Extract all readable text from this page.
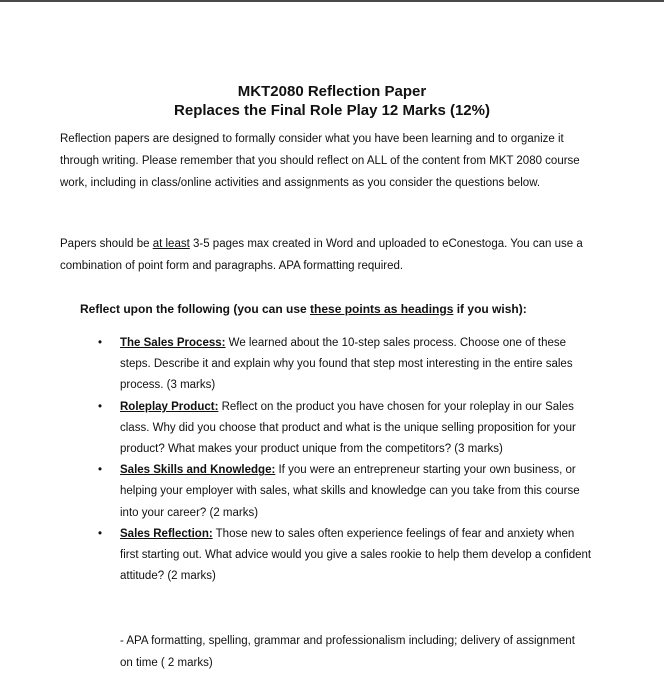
MKT2080 Reflection Paper

Replaces the Final Role Play 12 Marks (12%)

Reflection papers are designed to formally consider what you have been learning and to organize it through writing. Please remember that you should reflect on ALL of the content from MKT 2080 course work, including in class/online activities and assignments as you consider the questions below.

Papers should be at least 3-5 pages max created in Word and uploaded to eConestoga. You can use a combination of point form and paragraphs. APA formatting required.

Reflect upon the following (you can use these points as headings if you wish):

• The Sales Process: We learned about the 10-step sales process. Choose one of these steps. Describe it and explain why you found that step most interesting in the entire sales process. (3 marks)
• Roleplay Product: Reflect on the product you have chosen for your roleplay in our Sales class. Why did you choose that product and what is the unique selling proposition for your product? What makes your product unique from the competitors? (3 marks)
• Sales Skills and Knowledge: If you were an entrepreneur starting your own business, or helping your employer with sales, what skills and knowledge can you take from this course into your career? (2 marks)
• Sales Reflection: Those new to sales often experience feelings of fear and anxiety when first starting out. What advice would you give a sales rookie to help them develop a confident attitude? (2 marks)

- APA formatting, spelling, grammar and professionalism including; delivery of assignment on time ( 2 marks)
